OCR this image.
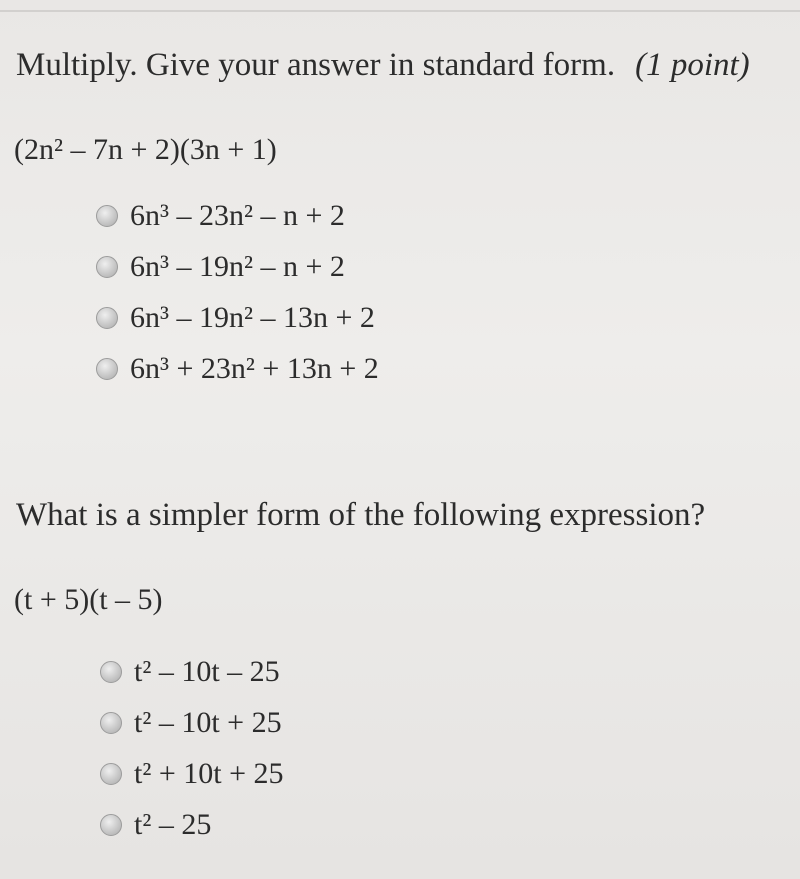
Multiply. Give your answer in standard form. (1 point)
(2n² – 7n + 2)(3n + 1)
6n³ – 23n² – n + 2
6n³ – 19n² – n + 2
6n³ – 19n² – 13n + 2
6n³ + 23n² + 13n + 2
What is a simpler form of the following expression?
(t + 5)(t – 5)
t² – 10t – 25
t² – 10t + 25
t² + 10t + 25
t² – 25
